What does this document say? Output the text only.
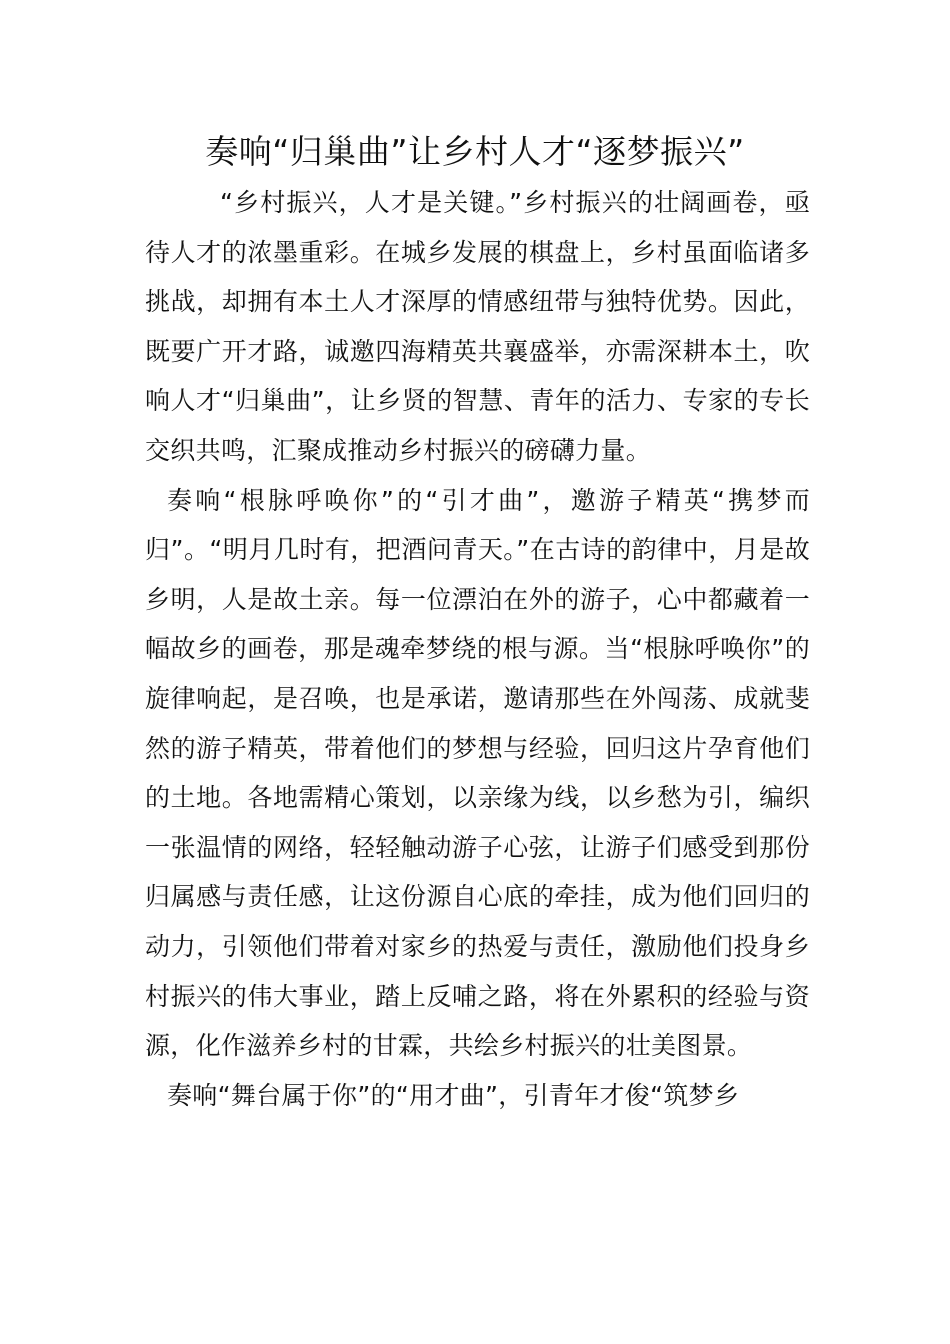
奏响“归巢曲”让乡村人才“逐梦振兴”

“乡村振兴，人才是关键。”乡村振兴的壮阔画卷，亟待人才的浓墨重彩。在城乡发展的棋盘上，乡村虽面临诸多挑战，却拥有本土人才深厚的情感纽带与独特优势。因此，既要广开才路，诚邀四海精英共襄盛举，亦需深耕本土，吹响人才“归巢曲”，让乡贤的智慧、青年的活力、专家的专长交织共鸣，汇聚成推动乡村振兴的磅礴力量。

奏响“根脉呼唤你”的“引才曲”，邀游子精英“携梦而归”。“明月几时有，把酒问青天。”在古诗的韵律中，月是故乡明，人是故土亲。每一位漂泊在外的游子，心中都藏着一幅故乡的画卷，那是魂牵梦绕的根与源。当“根脉呼唤你”的旋律响起，是召唤，也是承诺，邀请那些在外闯荡、成就斐然的游子精英，带着他们的梦想与经验，回归这片孕育他们的土地。各地需精心策划，以亲缘为线，以乡愁为引，编织一张温情的网络，轻轻触动游子心弦，让游子们感受到那份归属感与责任感，让这份源自心底的牵挂，成为他们回归的动力，引领他们带着对家乡的热爱与责任，激励他们投身乡村振兴的伟大事业，踏上反哺之路，将在外累积的经验与资源，化作滋养乡村的甘霖，共绘乡村振兴的壮美图景。

奏响“舞台属于你”的“用才曲”，引青年才俊“筑梦乡
